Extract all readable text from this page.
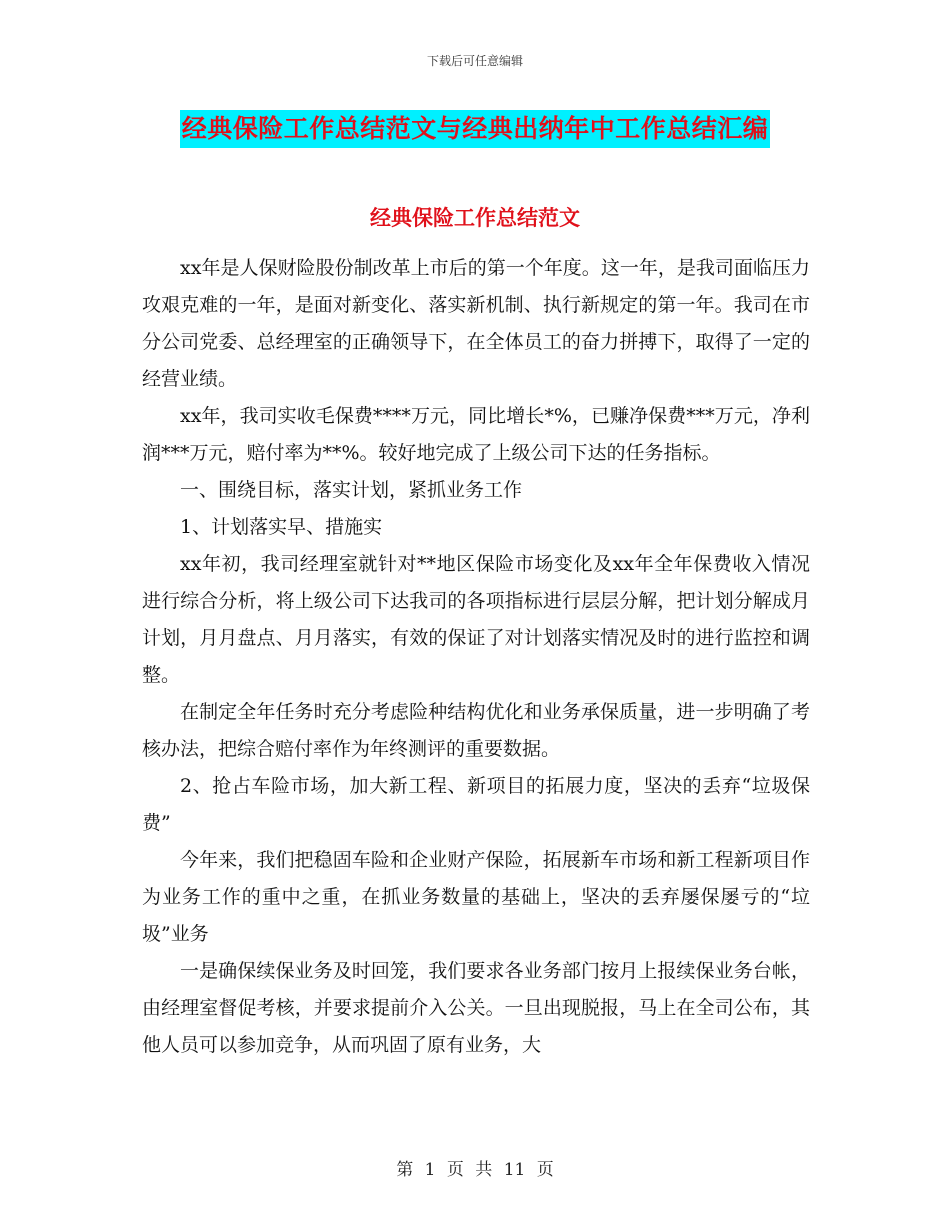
下载后可任意编辑
经典保险工作总结范文与经典出纳年中工作总结汇编
经典保险工作总结范文

xx年是人保财险股份制改革上市后的第一个年度。这一年，是我司面临压力攻艰克难的一年，是面对新变化、落实新机制、执行新规定的第一年。我司在市分公司党委、总经理室的正确领导下，在全体员工的奋力拼搏下，取得了一定的经营业绩。

xx年，我司实收毛保费****万元，同比增长*%，已赚净保费***万元，净利润***万元，赔付率为**%。较好地完成了上级公司下达的任务指标。

一、围绕目标，落实计划，紧抓业务工作

1、计划落实早、措施实

xx年初，我司经理室就针对**地区保险市场变化及xx年全年保费收入情况进行综合分析，将上级公司下达我司的各项指标进行层层分解，把计划分解成月计划，月月盘点、月月落实，有效的保证了对计划落实情况及时的进行监控和调整。

在制定全年任务时充分考虑险种结构优化和业务承保质量，进一步明确了考核办法，把综合赔付率作为年终测评的重要数据。

2、抢占车险市场，加大新工程、新项目的拓展力度，坚决的丢弃“垃圾保费”

今年来，我们把稳固车险和企业财产保险，拓展新车市场和新工程新项目作为业务工作的重中之重，在抓业务数量的基础上，坚决的丢弃屡保屡亏的“垃圾”业务

一是确保续保业务及时回笼，我们要求各业务部门按月上报续保业务台帐，由经理室督促考核，并要求提前介入公关。一旦出现脱报，马上在全司公布，其他人员可以参加竞争，从而巩固了原有业务，大

第 1 页 共 11 页
